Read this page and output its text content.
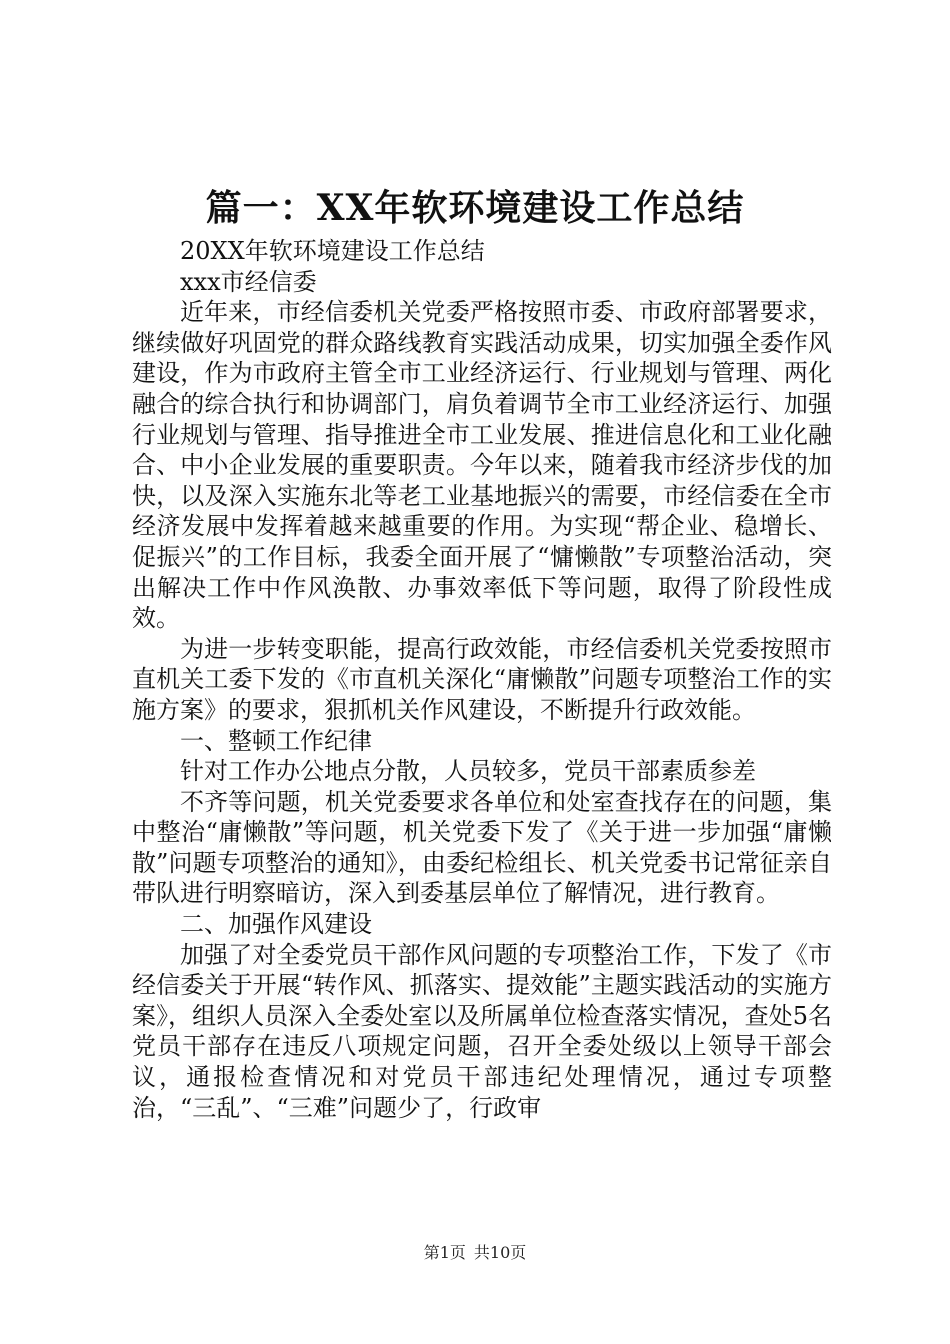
篇一：XX年软环境建设工作总结

20XX年软环境建设工作总结

xxx市经信委

近年来，市经信委机关党委严格按照市委、市政府部署要求，继续做好巩固党的群众路线教育实践活动成果，切实加强全委作风建设，作为市政府主管全市工业经济运行、行业规划与管理、两化融合的综合执行和协调部门，肩负着调节全市工业经济运行、加强行业规划与管理、指导推进全市工业发展、推进信息化和工业化融合、中小企业发展的重要职责。今年以来，随着我市经济步伐的加快，以及深入实施东北等老工业基地振兴的需要，市经信委在全市经济发展中发挥着越来越重要的作用。为实现“帮企业、稳增长、促振兴”的工作目标，我委全面开展了“慵懒散”专项整治活动，突出解决工作中作风涣散、办事效率低下等问题，取得了阶段性成效。

为进一步转变职能，提高行政效能，市经信委机关党委按照市直机关工委下发的《市直机关深化“庸懒散”问题专项整治工作的实施方案》的要求，狠抓机关作风建设，不断提升行政效能。

一、整顿工作纪律

针对工作办公地点分散，人员较多，党员干部素质参差

不齐等问题，机关党委要求各单位和处室查找存在的问题，集中整治“庸懒散”等问题，机关党委下发了《关于进一步加强“庸懒散”问题专项整治的通知》，由委纪检组长、机关党委书记常征亲自带队进行明察暗访，深入到委基层单位了解情况，进行教育。

二、加强作风建设

加强了对全委党员干部作风问题的专项整治工作，下发了《市经信委关于开展“转作风、抓落实、提效能”主题实践活动的实施方案》，组织人员深入全委处室以及所属单位检查落实情况，查处5名党员干部存在违反八项规定问题，召开全委处级以上领导干部会议，通报检查情况和对党员干部违纪处理情况，通过专项整治，“三乱”、“三难”问题少了，行政审

第1页 共10页
